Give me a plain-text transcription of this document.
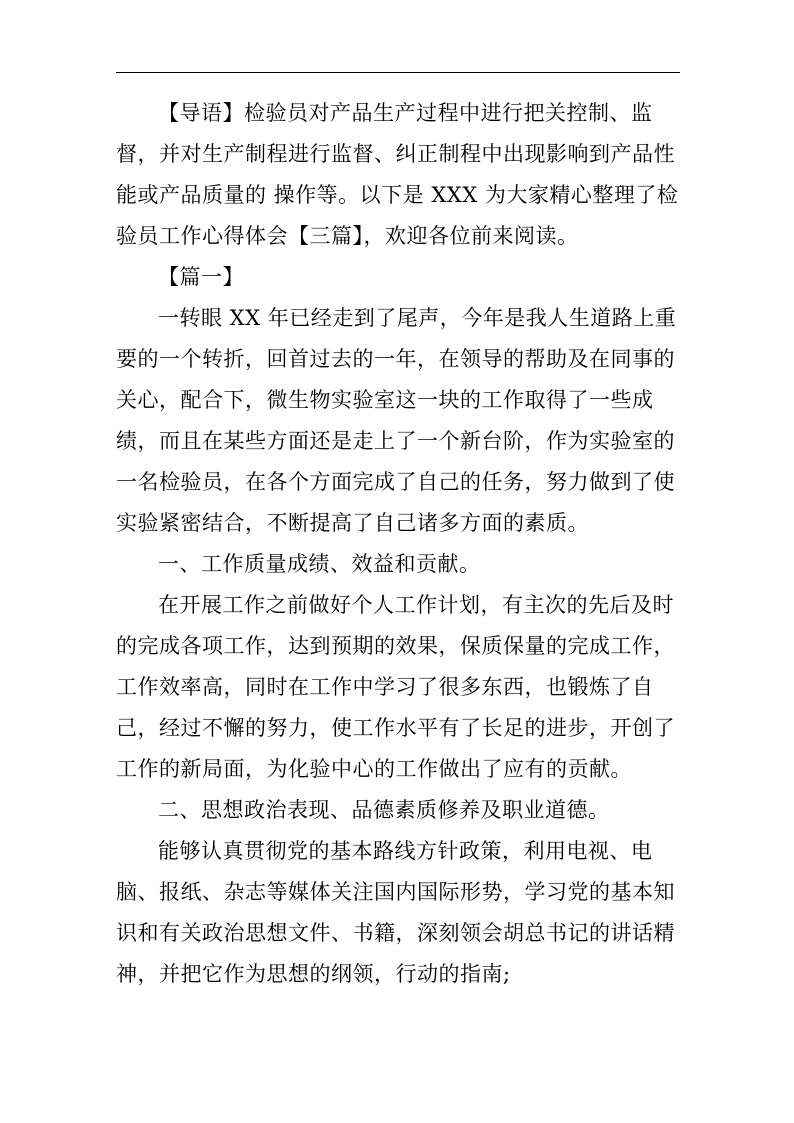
【导语】检验员对产品生产过程中进行把关控制、监督，并对生产制程进行监督、纠正制程中出现影响到产品性能或产品质量的 操作等。以下是 XXX 为大家精心整理了检验员工作心得体会【三篇】，欢迎各位前来阅读。

【篇一】

一转眼 XX 年已经走到了尾声，今年是我人生道路上重要的一个转折，回首过去的一年，在领导的帮助及在同事的关心，配合下，微生物实验室这一块的工作取得了一些成绩，而且在某些方面还是走上了一个新台阶，作为实验室的一名检验员，在各个方面完成了自己的任务，努力做到了使实验紧密结合，不断提高了自己诸多方面的素质。

一、工作质量成绩、效益和贡献。

在开展工作之前做好个人工作计划，有主次的先后及时的完成各项工作，达到预期的效果，保质保量的完成工作，工作效率高，同时在工作中学习了很多东西，也锻炼了自己，经过不懈的努力，使工作水平有了长足的进步，开创了工作的新局面，为化验中心的工作做出了应有的贡献。

二、思想政治表现、品德素质修养及职业道德。

能够认真贯彻党的基本路线方针政策，利用电视、电脑、报纸、杂志等媒体关注国内国际形势，学习党的基本知识和有关政治思想文件、书籍，深刻领会胡总书记的讲话精神，并把它作为思想的纲领，行动的指南;
